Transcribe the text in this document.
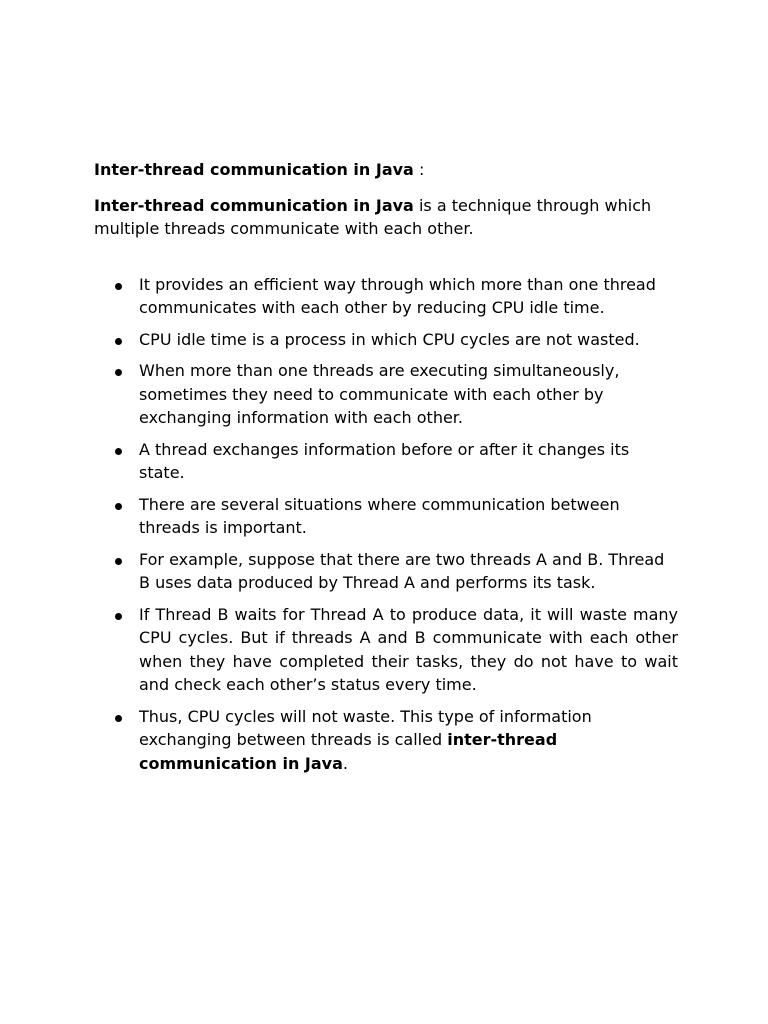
Inter-thread communication in Java :

Inter-thread communication in Java is a technique through which multiple threads communicate with each other.

It provides an efficient way through which more than one thread communicates with each other by reducing CPU idle time.
CPU idle time is a process in which CPU cycles are not wasted.
When more than one threads are executing simultaneously, sometimes they need to communicate with each other by exchanging information with each other.
A thread exchanges information before or after it changes its state.
There are several situations where communication between threads is important.
For example, suppose that there are two threads A and B. Thread B uses data produced by Thread A and performs its task.
If Thread B waits for Thread A to produce data, it will waste many CPU cycles. But if threads A and B communicate with each other when they have completed their tasks, they do not have to wait and check each other’s status every time.
Thus, CPU cycles will not waste. This type of information exchanging between threads is called inter-thread communication in Java.
